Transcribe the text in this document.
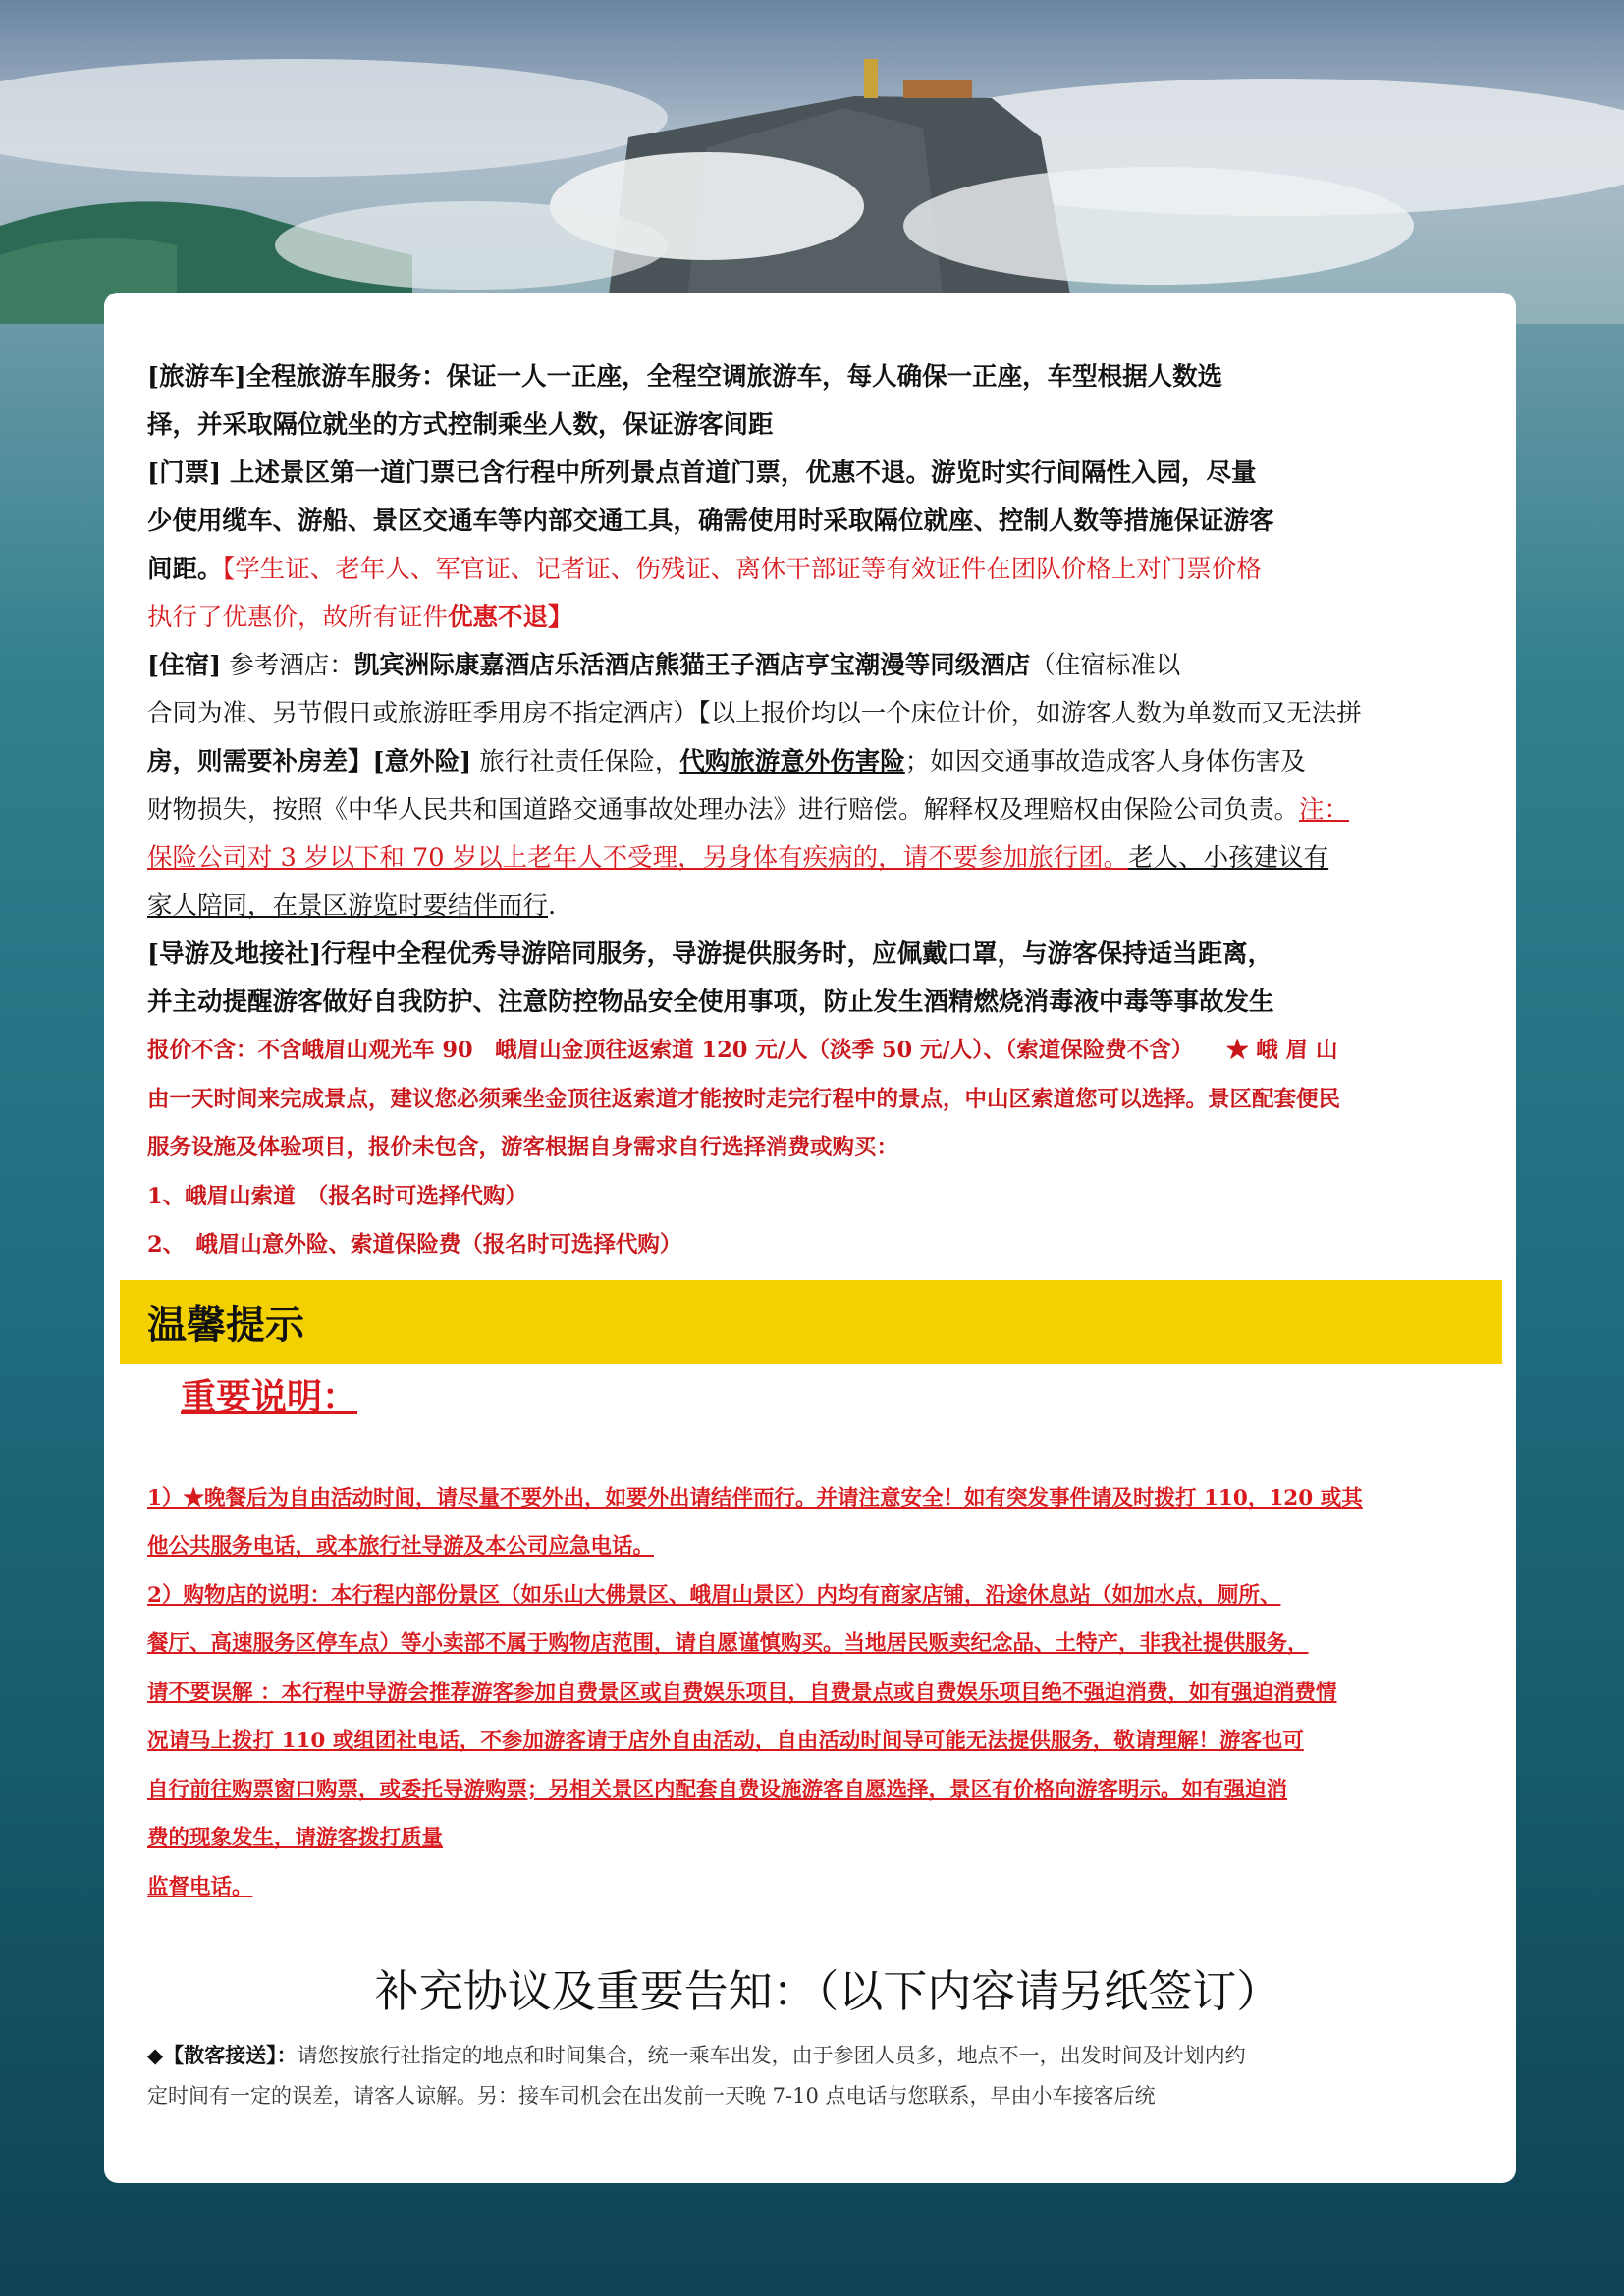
[旅游车]全程旅游车服务：保证一人一正座，全程空调旅游车，每人确保一正座，车型根据人数选
择，并采取隔位就坐的方式控制乘坐人数，保证游客间距

[门票] 上述景区第一道门票已含行程中所列景点首道门票，优惠不退。游览时实行间隔性入园，尽量
少使用缆车、游船、景区交通车等内部交通工具，确需使用时采取隔位就座、控制人数等措施保证游客
间距。【学生证、老年人、军官证、记者证、伤残证、离休干部证等有效证件在团队价格上对门票价格
执行了优惠价，故所有证件优惠不退】

[住宿] 参考酒店：凯宾洲际康嘉酒店乐活酒店熊猫王子酒店亨宝潮漫等同级酒店（住宿标准以
合同为准、另节假日或旅游旺季用房不指定酒店）【以上报价均以一个床位计价，如游客人数为单数而又无法拼
房，则需要补房差】[意外险] 旅行社责任保险，代购旅游意外伤害险；如因交通事故造成客人身体伤害及
财物损失，按照《中华人民共和国道路交通事故处理办法》进行赔偿。解释权及理赔权由保险公司负责。注：
保险公司对 3 岁以下和 70 岁以上老年人不受理，另身体有疾病的，请不要参加旅行团。老人、小孩建议有
家人陪同，在景区游览时要结伴而行.

[导游及地接社]行程中全程优秀导游陪同服务，导游提供服务时，应佩戴口罩，与游客保持适当距离，
并主动提醒游客做好自我防护、注意防控物品安全使用事项，防止发生酒精燃烧消毒液中毒等事故发生

报价不含：不含峨眉山观光车 90　峨眉山金顶往返索道 120 元/人（淡季 50 元/人）、（索道保险费不含）　　★ 峨 眉 山

由一天时间来完成景点，建议您必须乘坐金顶往返索道才能按时走完行程中的景点，中山区索道您可以选择。景区配套便民

服务设施及体验项目，报价未包含，游客根据自身需求自行选择消费或购买：

1、峨眉山索道　（报名时可选择代购）

2、　峨眉山意外险、索道保险费（报名时可选择代购）

温馨提示
重要说明：

1）★晚餐后为自由活动时间，请尽量不要外出，如要外出请结伴而行。并请注意安全！如有突发事件请及时拨打 110，120 或其

他公共服务电话，或本旅行社导游及本公司应急电话。

2）购物店的说明：本行程内部份景区（如乐山大佛景区、峨眉山景区）内均有商家店铺，沿途休息站（如加水点，厕所、

餐厅、高速服务区停车点）等小卖部不属于购物店范围，请自愿谨慎购买。当地居民贩卖纪念品、土特产，非我社提供服务，

请不要误解 ：本行程中导游会推荐游客参加自费景区或自费娱乐项目，自费景点或自费娱乐项目绝不强迫消费，如有强迫消费情

况请马上拨打 110 或组团社电话，不参加游客请于店外自由活动，自由活动时间导可能无法提供服务，敬请理解！游客也可

自行前往购票窗口购票，或委托导游购票；另相关景区内配套自费设施游客自愿选择，景区有价格向游客明示。如有强迫消

费的现象发生，请游客拨打质量

监督电话。

补充协议及重要告知：（以下内容请另纸签订）

◆【散客接送】：请您按旅行社指定的地点和时间集合，统一乘车出发，由于参团人员多，地点不一，出发时间及计划内约
定时间有一定的误差，请客人谅解。另：接车司机会在出发前一天晚 7-10 点电话与您联系，早由小车接客后统
